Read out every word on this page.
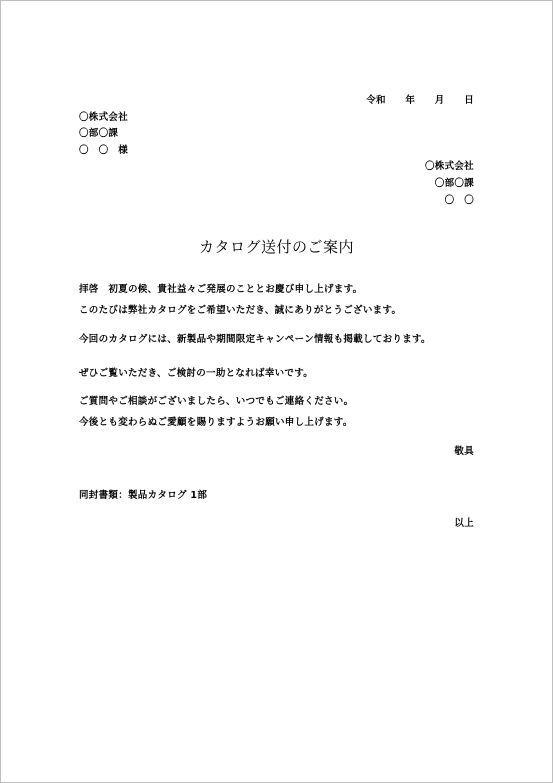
令和　　年　　月　　日
〇株式会社
〇部〇課
〇　〇　様
〇株式会社
〇部〇課
〇　〇
カタログ送付のご案内
拝啓　初夏の候、貴社益々ご発展のこととお慶び申し上げます。
このたびは弊社カタログをご希望いただき、誠にありがとうございます。
今回のカタログには、新製品や期間限定キャンペーン情報も掲載しております。
ぜひご覧いただき、ご検討の一助となれば幸いです。
ご質問やご相談がございましたら、いつでもご連絡ください。
今後とも変わらぬご愛顧を賜りますようお願い申し上げます。
敬具
同封書類：製品カタログ 1部
以上
